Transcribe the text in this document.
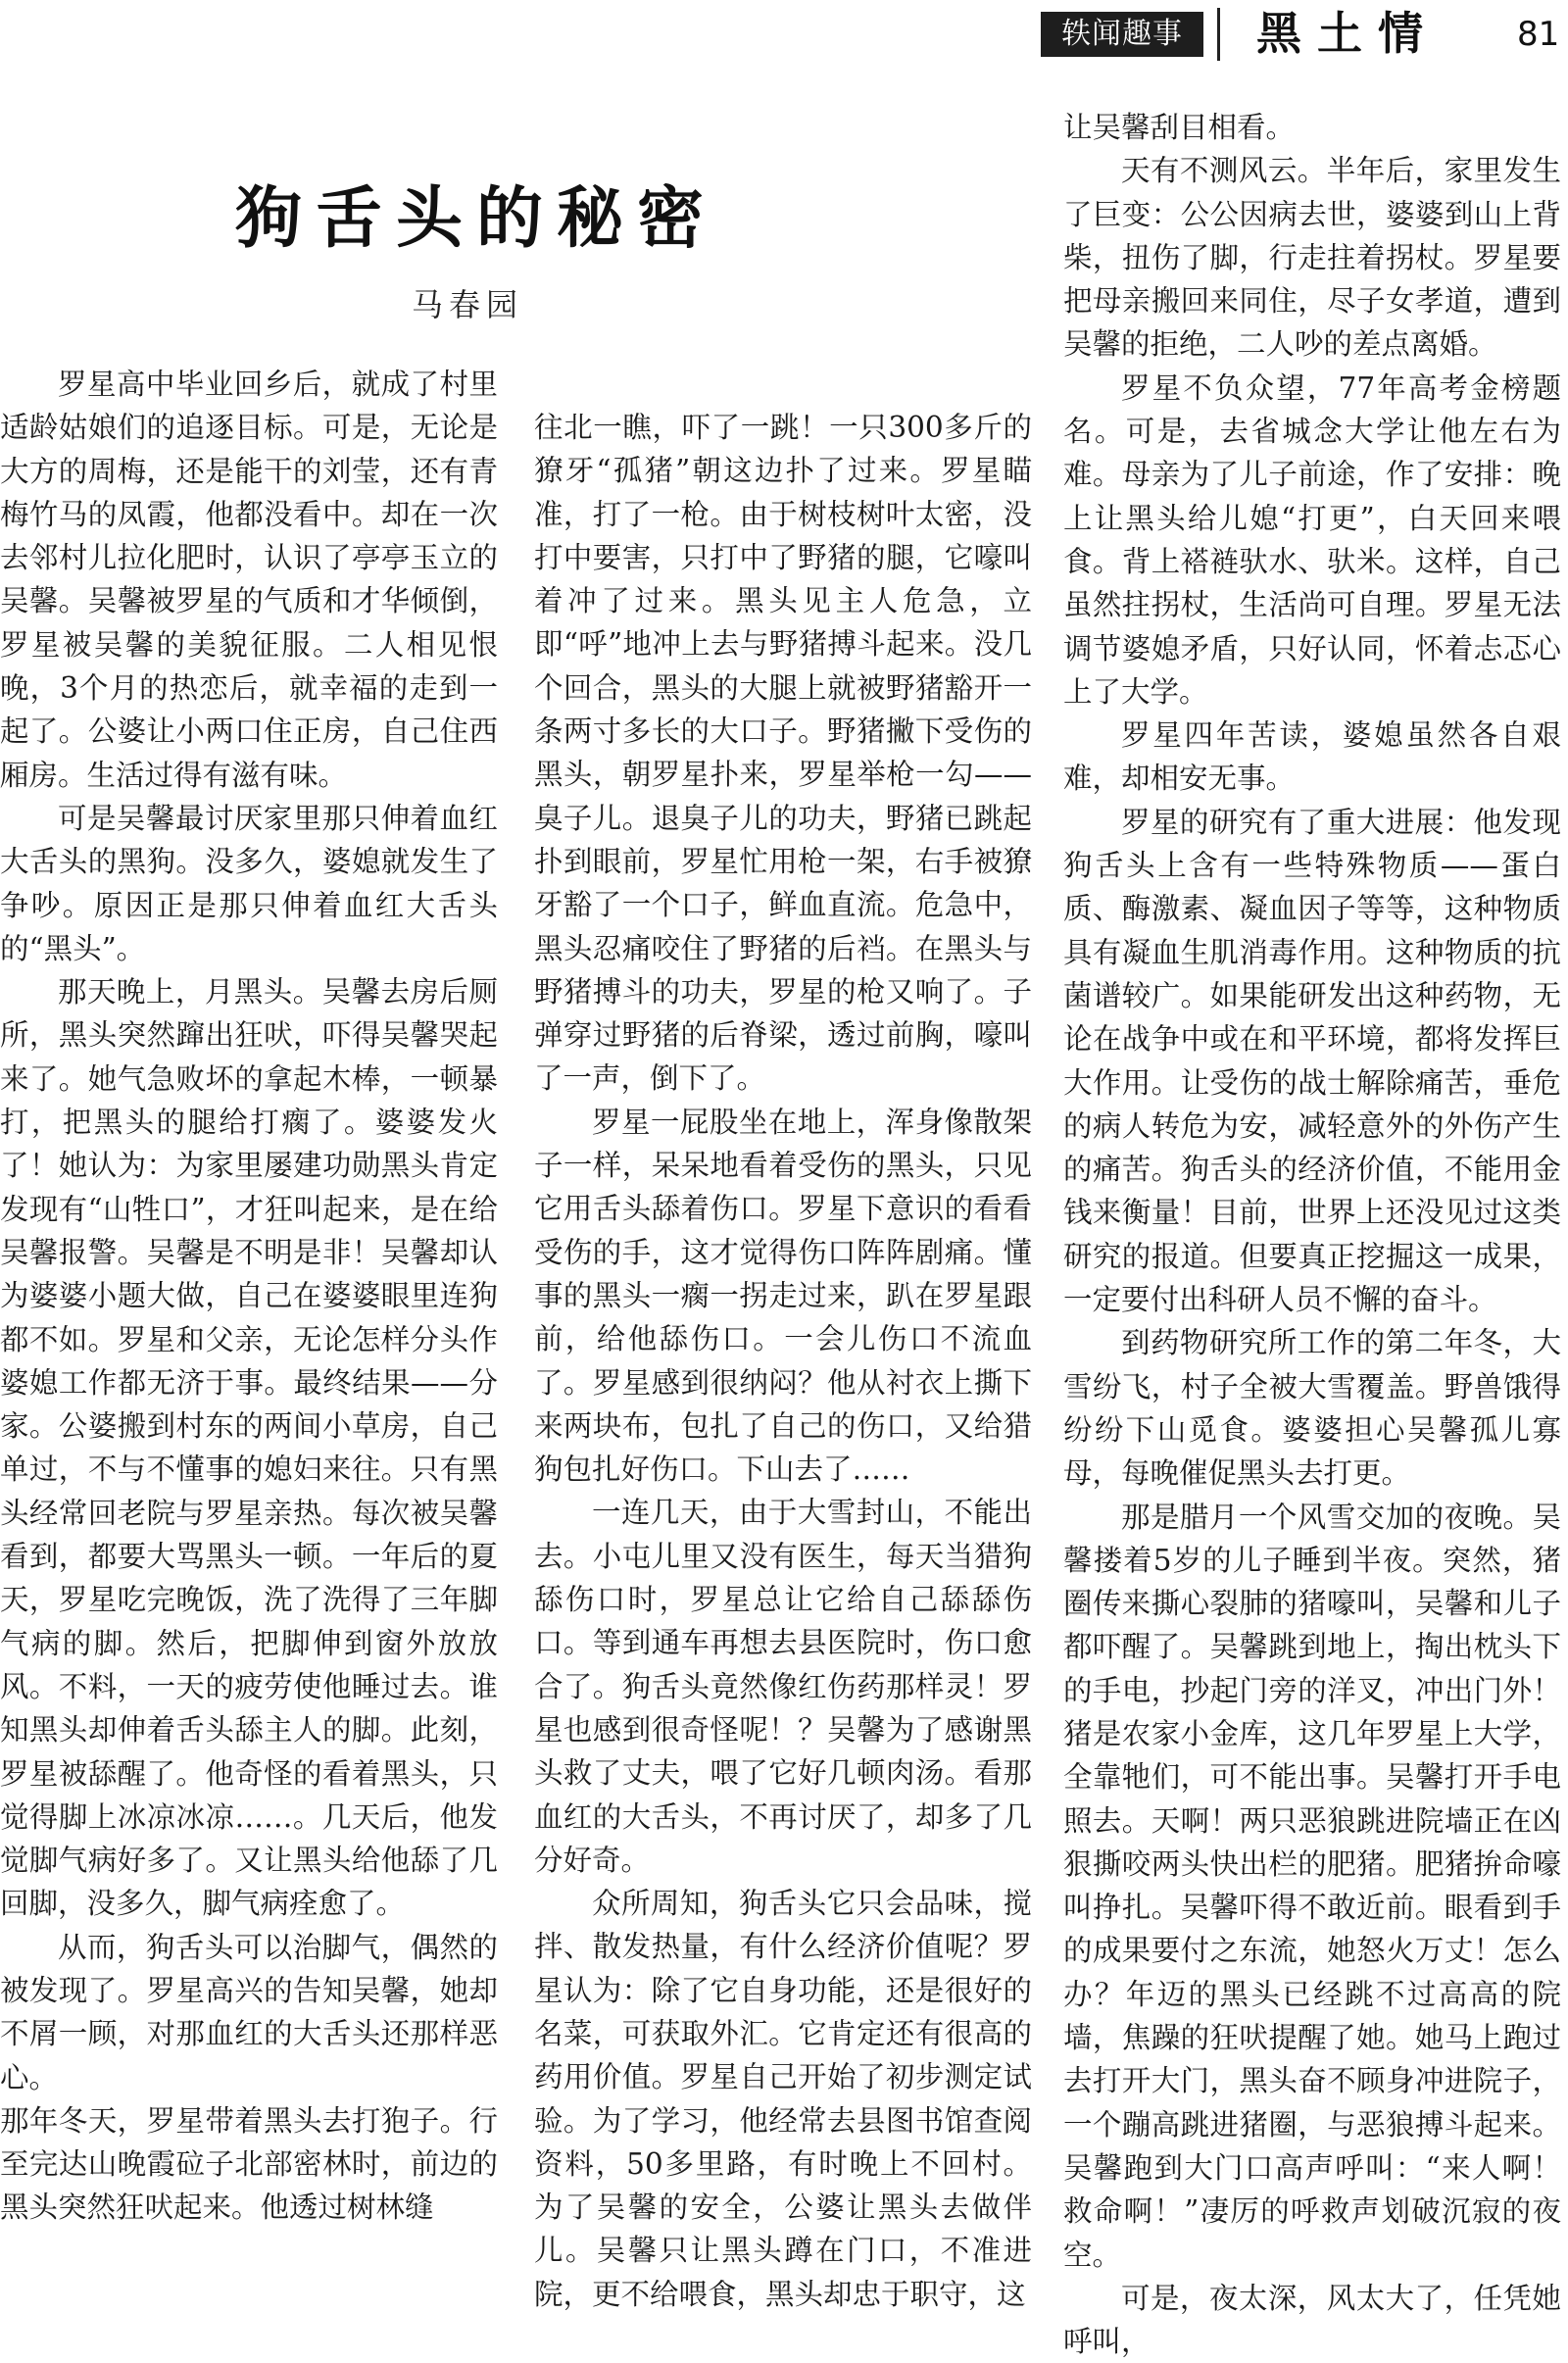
轶闻趣事	黑土情 81
狗舌头的秘密
马春园

罗星高中毕业回乡后，就成了村里适龄姑娘们的追逐目标。可是，无论是大方的周梅，还是能干的刘莹，还有青梅竹马的凤霞，他都没看中。却在一次去邻村儿拉化肥时，认识了亭亭玉立的吴馨。吴馨被罗星的气质和才华倾倒，罗星被吴馨的美貌征服。二人相见恨晚，3个月的热恋后，就幸福的走到一起了。公婆让小两口住正房，自己住西厢房。生活过得有滋有味。

可是吴馨最讨厌家里那只伸着血红大舌头的黑狗。没多久，婆媳就发生了争吵。原因正是那只伸着血红大舌头的“黑头”。

那天晚上，月黑头。吴馨去房后厕所，黑头突然蹿出狂吠，吓得吴馨哭起来了。她气急败坏的拿起木棒，一顿暴打，把黑头的腿给打瘸了。婆婆发火了！她认为：为家里屡建功勋黑头肯定发现有“山牲口”，才狂叫起来，是在给吴馨报警。吴馨是不明是非！吴馨却认为婆婆小题大做，自己在婆婆眼里连狗都不如。罗星和父亲，无论怎样分头作婆媳工作都无济于事。最终结果——分家。公婆搬到村东的两间小草房，自己单过，不与不懂事的媳妇来往。只有黑头经常回老院与罗星亲热。每次被吴馨看到，都要大骂黑头一顿。一年后的夏天，罗星吃完晚饭，洗了洗得了三年脚气病的脚。然后，把脚伸到窗外放放风。不料，一天的疲劳使他睡过去。谁知黑头却伸着舌头舔主人的脚。此刻，罗星被舔醒了。他奇怪的看着黑头，只觉得脚上冰凉冰凉……。几天后，他发觉脚气病好多了。又让黑头给他舔了几回脚，没多久，脚气病痊愈了。

从而，狗舌头可以治脚气，偶然的被发现了。罗星高兴的告知吴馨，她却不屑一顾，对那血红的大舌头还那样恶心。

那年冬天，罗星带着黑头去打狍子。行至完达山晚霞砬子北部密林时，前边的黑头突然狂吠起来。他透过树林缝

往北一瞧，吓了一跳！一只300多斤的獠牙“孤猪”朝这边扑了过来。罗星瞄准，打了一枪。由于树枝树叶太密，没打中要害，只打中了野猪的腿，它嚎叫着冲了过来。黑头见主人危急，立即“呼”地冲上去与野猪搏斗起来。没几个回合，黑头的大腿上就被野猪豁开一条两寸多长的大口子。野猪撇下受伤的黑头，朝罗星扑来，罗星举枪一勾——臭子儿。退臭子儿的功夫，野猪已跳起扑到眼前，罗星忙用枪一架，右手被獠牙豁了一个口子，鲜血直流。危急中，黑头忍痛咬住了野猪的后裆。在黑头与野猪搏斗的功夫，罗星的枪又响了。子弹穿过野猪的后脊梁，透过前胸，嚎叫了一声，倒下了。

罗星一屁股坐在地上，浑身像散架子一样，呆呆地看着受伤的黑头，只见它用舌头舔着伤口。罗星下意识的看看受伤的手，这才觉得伤口阵阵剧痛。懂事的黑头一瘸一拐走过来，趴在罗星跟前，给他舔伤口。一会儿伤口不流血了。罗星感到很纳闷？他从衬衣上撕下来两块布，包扎了自己的伤口，又给猎狗包扎好伤口。下山去了……

一连几天，由于大雪封山，不能出去。小屯儿里又没有医生，每天当猎狗舔伤口时，罗星总让它给自己舔舔伤口。等到通车再想去县医院时，伤口愈合了。狗舌头竟然像红伤药那样灵！罗星也感到很奇怪呢！？吴馨为了感谢黑头救了丈夫，喂了它好几顿肉汤。看那血红的大舌头，不再讨厌了，却多了几分好奇。

众所周知，狗舌头它只会品味，搅拌、散发热量，有什么经济价值呢？罗星认为：除了它自身功能，还是很好的名菜，可获取外汇。它肯定还有很高的药用价值。罗星自己开始了初步测定试验。为了学习，他经常去县图书馆查阅资料，50多里路，有时晚上不回村。为了吴馨的安全，公婆让黑头去做伴儿。吴馨只让黑头蹲在门口，不准进院，更不给喂食，黑头却忠于职守，这

让吴馨刮目相看。

天有不测风云。半年后，家里发生了巨变：公公因病去世，婆婆到山上背柴，扭伤了脚，行走拄着拐杖。罗星要把母亲搬回来同住，尽子女孝道，遭到吴馨的拒绝，二人吵的差点离婚。

罗星不负众望，77年高考金榜题名。可是，去省城念大学让他左右为难。母亲为了儿子前途，作了安排：晚上让黑头给儿媳“打更”，白天回来喂食。背上褡裢驮水、驮米。这样，自己虽然拄拐杖，生活尚可自理。罗星无法调节婆媳矛盾，只好认同，怀着忐忑心上了大学。

罗星四年苦读，婆媳虽然各自艰难，却相安无事。

罗星的研究有了重大进展：他发现狗舌头上含有一些特殊物质——蛋白质、酶激素、凝血因子等等，这种物质具有凝血生肌消毒作用。这种物质的抗菌谱较广。如果能研发出这种药物，无论在战争中或在和平环境，都将发挥巨大作用。让受伤的战士解除痛苦，垂危的病人转危为安，减轻意外的外伤产生的痛苦。狗舌头的经济价值，不能用金钱来衡量！目前，世界上还没见过这类研究的报道。但要真正挖掘这一成果，一定要付出科研人员不懈的奋斗。

到药物研究所工作的第二年冬，大雪纷飞，村子全被大雪覆盖。野兽饿得纷纷下山觅食。婆婆担心吴馨孤儿寡母，每晚催促黑头去打更。

那是腊月一个风雪交加的夜晚。吴馨搂着5岁的儿子睡到半夜。突然，猪圈传来撕心裂肺的猪嚎叫，吴馨和儿子都吓醒了。吴馨跳到地上，掏出枕头下的手电，抄起门旁的洋叉，冲出门外！猪是农家小金库，这几年罗星上大学，全靠牠们，可不能出事。吴馨打开手电照去。天啊！两只恶狼跳进院墙正在凶狠撕咬两头快出栏的肥猪。肥猪拚命嚎叫挣扎。吴馨吓得不敢近前。眼看到手的成果要付之东流，她怒火万丈！怎么办？年迈的黑头已经跳不过高高的院墙，焦躁的狂吠提醒了她。她马上跑过去打开大门，黑头奋不顾身冲进院子，一个蹦高跳进猪圈，与恶狼搏斗起来。吴馨跑到大门口高声呼叫：“来人啊！救命啊！”凄厉的呼救声划破沉寂的夜空。

可是，夜太深，风太大了，任凭她呼叫，
